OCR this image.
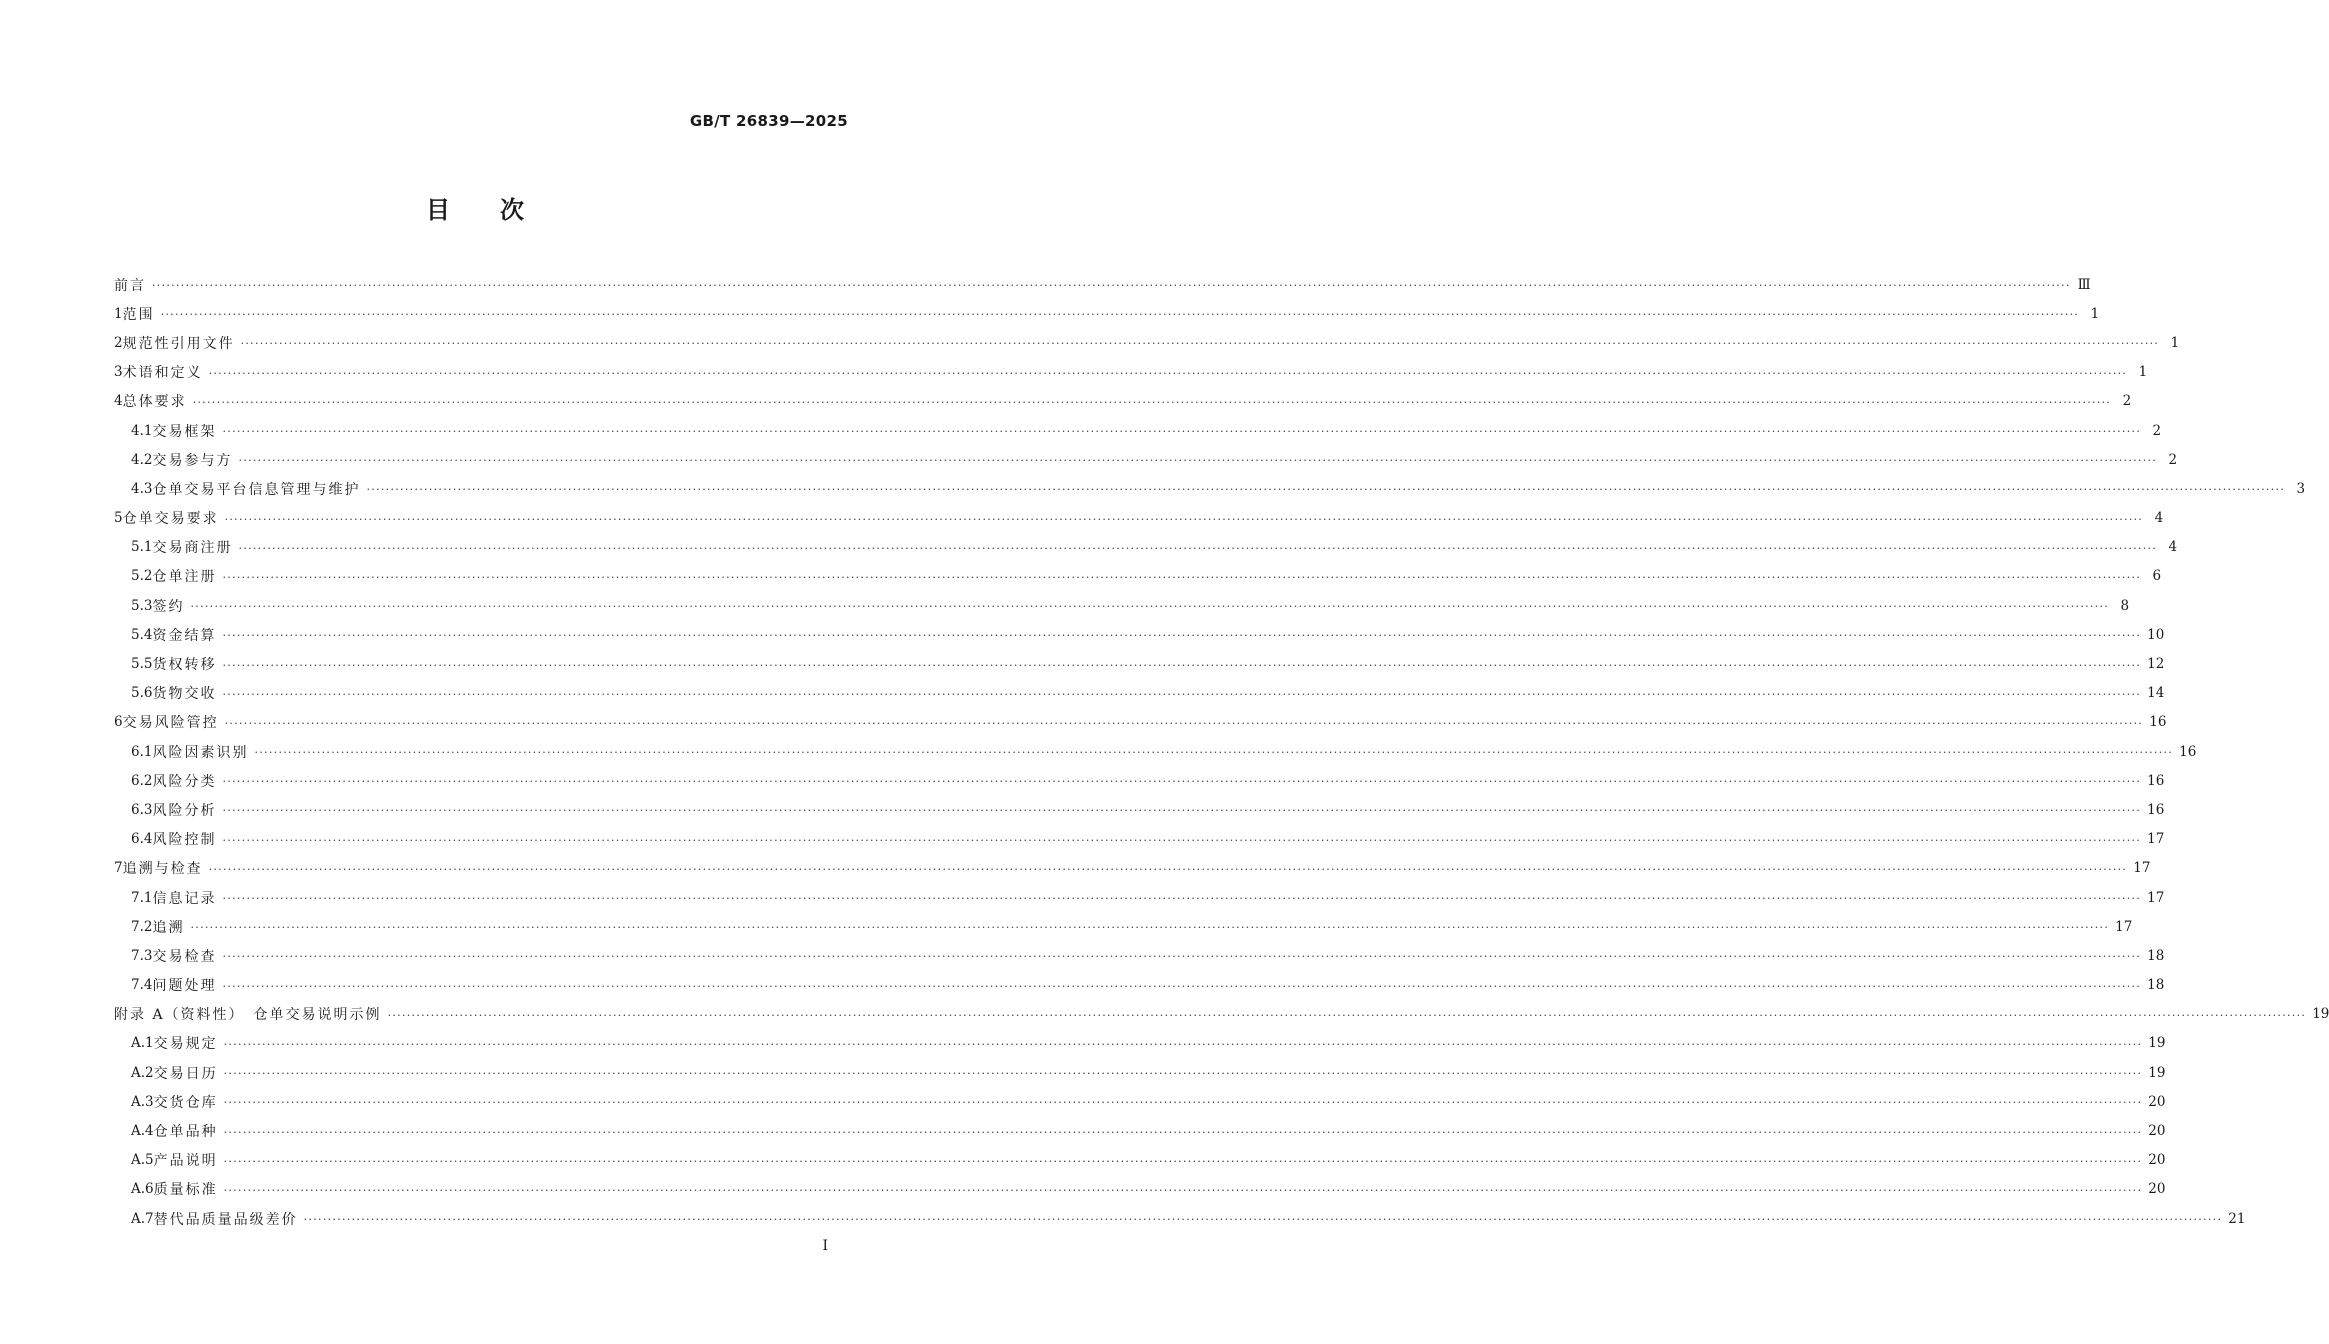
GB/T 26839—2025
目次
前言 ················································································································································································································································································································································································································ Ⅲ
1 范围 ················································································································································································································································································································································································································ 1
2 规范性引用文件 ················································································································································································································································································································································································································ 1
3 术语和定义 ················································································································································································································································································································································································································ 1
4 总体要求 ················································································································································································································································································································································································································ 2
4.1 交易框架 ················································································································································································································································································································································································································ 2
4.2 交易参与方 ················································································································································································································································································································································································································ 2
4.3 仓单交易平台信息管理与维护 ················································································································································································································································································································································································································ 3
5 仓单交易要求 ················································································································································································································································································································································································································ 4
5.1 交易商注册 ················································································································································································································································································································································································································ 4
5.2 仓单注册 ················································································································································································································································································································································································································ 6
5.3 签约 ················································································································································································································································································································································································································ 8
5.4 资金结算 ················································································································································································································································································································································································································ 10
5.5 货权转移 ················································································································································································································································································································································································································ 12
5.6 货物交收 ················································································································································································································································································································································································································ 14
6 交易风险管控 ················································································································································································································································································································································································································ 16
6.1 风险因素识别 ················································································································································································································································································································································································································ 16
6.2 风险分类 ················································································································································································································································································································································································································ 16
6.3 风险分析 ················································································································································································································································································································································································································ 16
6.4 风险控制 ················································································································································································································································································································································································································ 17
7 追溯与检查 ················································································································································································································································································································································································································ 17
7.1 信息记录 ················································································································································································································································································································································································································ 17
7.2 追溯 ················································································································································································································································································································································································································ 17
7.3 交易检查 ················································································································································································································································································································································································································ 18
7.4 问题处理 ················································································································································································································································································································································································································ 18
附录 A（资料性）　仓单交易说明示例 ················································································································································································································································································································································································································ 19
A.1 交易规定 ················································································································································································································································································································································································································ 19
A.2 交易日历 ················································································································································································································································································································································································································ 19
A.3 交货仓库 ················································································································································································································································································································································································································ 20
A.4 仓单品种 ················································································································································································································································································································································································································ 20
A.5 产品说明 ················································································································································································································································································································································································································ 20
A.6 质量标准 ················································································································································································································································································································································································································ 20
A.7 替代品质量品级差价 ················································································································································································································································································································································································································ 21
I
